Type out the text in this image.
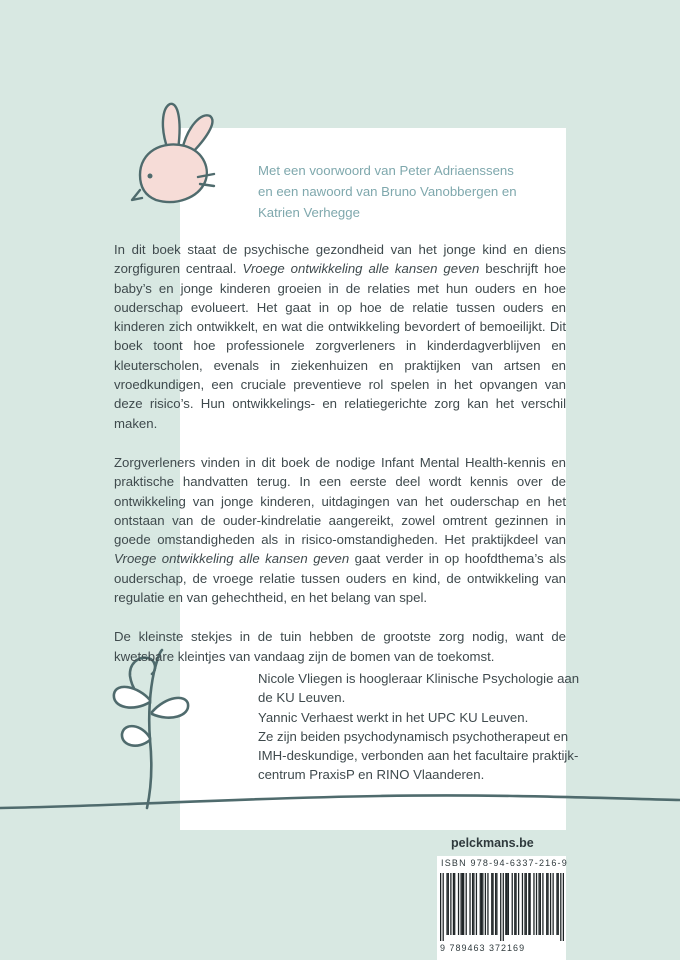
Met een voorwoord van Peter Adriaenssens
en een nawoord van Bruno Vanobbergen en
Katrien Verhegge

In dit boek staat de psychische gezondheid van het jonge kind en diens zorgfiguren centraal. Vroege ontwikkeling alle kansen geven beschrijft hoe baby’s en jonge kinderen groeien in de relaties met hun ouders en hoe ouderschap evolueert. Het gaat in op hoe de relatie tussen ouders en kinderen zich ontwikkelt, en wat die ontwikkeling bevordert of bemoeilijkt. Dit boek toont hoe professionele zorgverleners in kinderdagverblijven en kleuterscholen, evenals in ziekenhuizen en praktijken van artsen en vroedkundigen, een cruciale preventieve rol spelen in het opvangen van deze risico’s. Hun ontwikkelings- en relatiegerichte zorg kan het verschil maken.

Zorgverleners vinden in dit boek de nodige Infant Mental Health-kennis en praktische handvatten terug. In een eerste deel wordt kennis over de ontwikkeling van jonge kinderen, uitdagingen van het ouderschap en het ontstaan van de ouder-kindrelatie aangereikt, zowel omtrent gezinnen in goede omstandigheden als in risico-omstandigheden. Het praktijkdeel van Vroege ontwikkeling alle kansen geven gaat verder in op hoofdthema’s als ouderschap, de vroege relatie tussen ouders en kind, de ontwikkeling van regulatie en van gehechtheid, en het belang van spel.

De kleinste stekjes in de tuin hebben de grootste zorg nodig, want de kwetsbare kleintjes van vandaag zijn de bomen van de toekomst.

Nicole Vliegen is hoogleraar Klinische Psychologie aan
de KU Leuven.
Yannic Verhaest werkt in het UPC KU Leuven.
Ze zijn beiden psychodynamisch psychotherapeut en
IMH-deskundige, verbonden aan het facultaire praktijk-
centrum PraxisP en RINO Vlaanderen.
pelckmans.be
ISBN 978-94-6337-216-9
9 789463 372169
